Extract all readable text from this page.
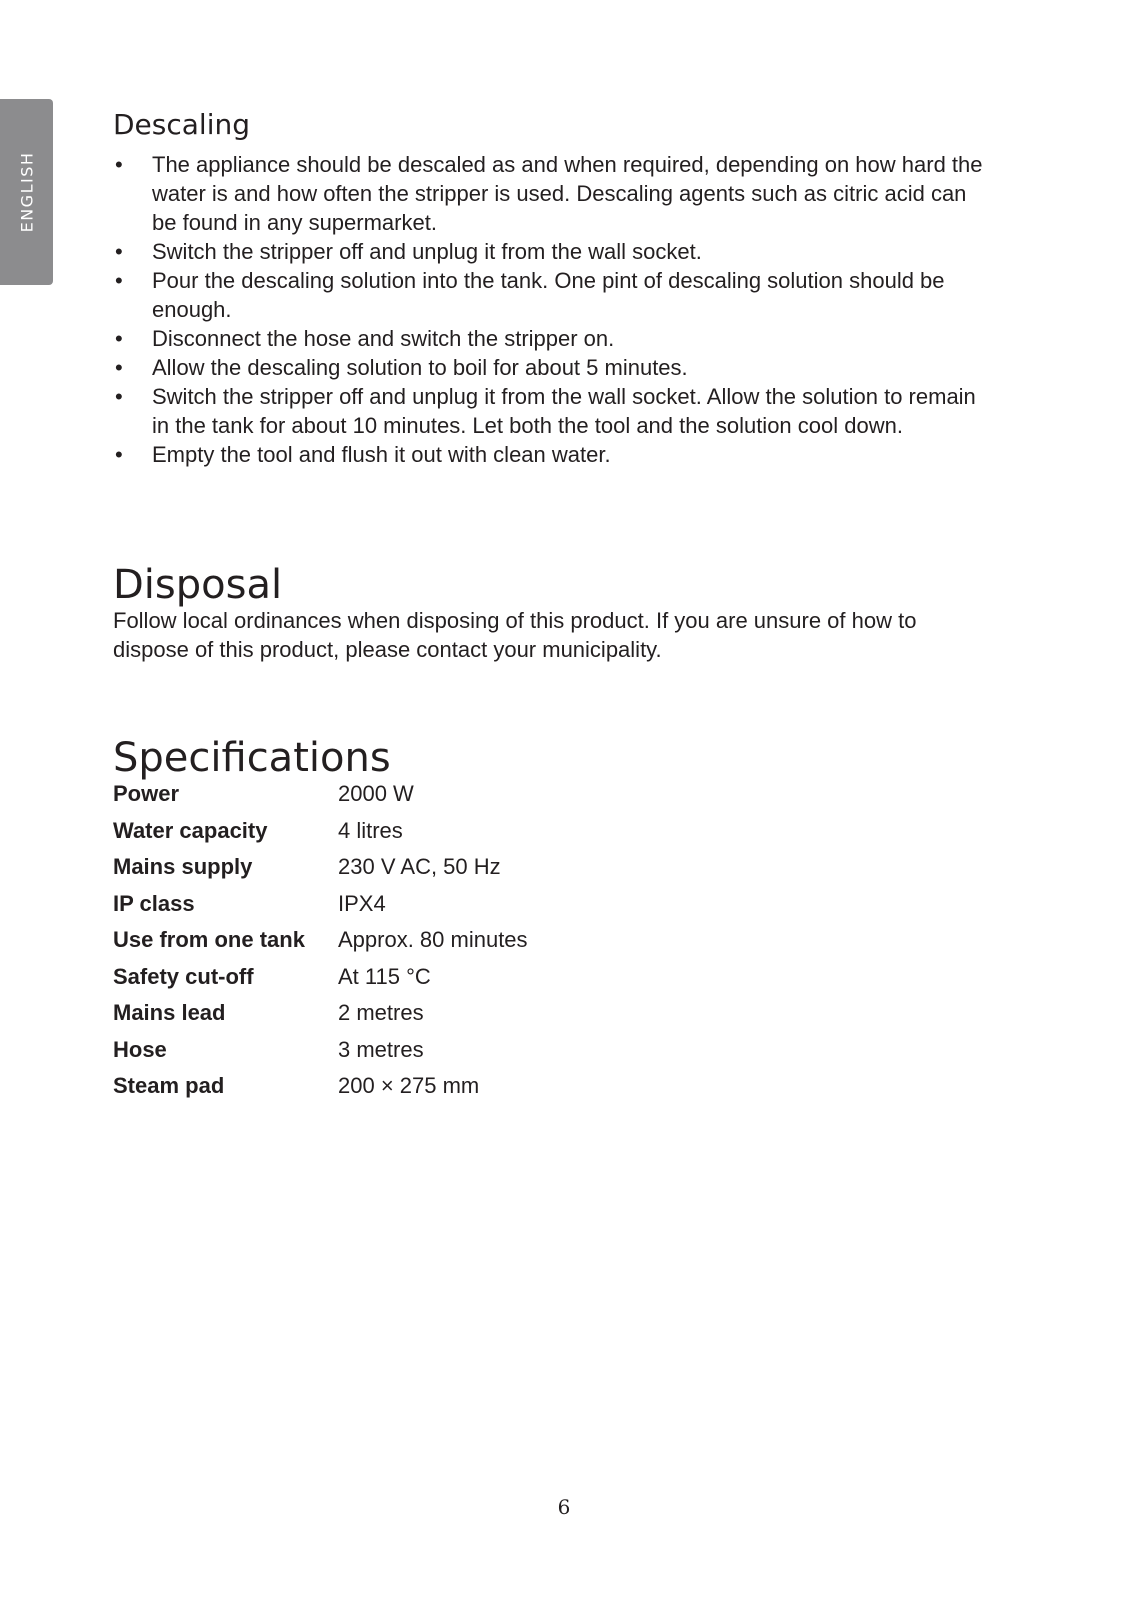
ENGLISH
Descaling
• The appliance should be descaled as and when required, depending on how hard the water is and how often the stripper is used. Descaling agents such as citric acid can be found in any supermarket.
• Switch the stripper off and unplug it from the wall socket.
• Pour the descaling solution into the tank. One pint of descaling solution should be enough.
• Disconnect the hose and switch the stripper on.
• Allow the descaling solution to boil for about 5 minutes.
• Switch the stripper off and unplug it from the wall socket. Allow the solution to remain in the tank for about 10 minutes. Let both the tool and the solution cool down.
• Empty the tool and flush it out with clean water.
Disposal

Follow local ordinances when disposing of this product. If you are unsure of how to dispose of this product, please contact your municipality.

Specifications
Power	2000 W
Water capacity	4 litres
Mains supply	230 V AC, 50 Hz
IP class	IPX4
Use from one tank	Approx. 80 minutes
Safety cut-off	At 115 °C
Mains lead	2 metres
Hose	3 metres
Steam pad	200 × 275 mm
6
